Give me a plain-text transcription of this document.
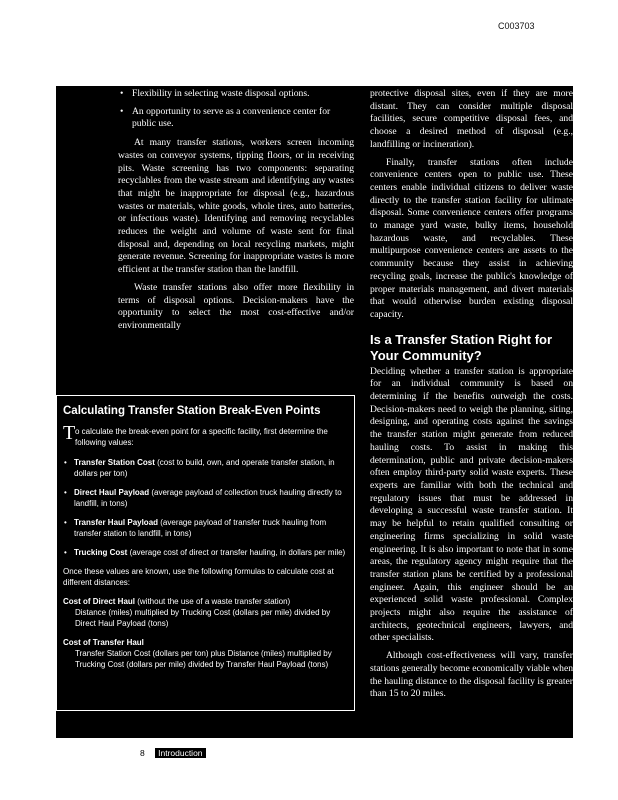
C003703
• Flexibility in selecting waste disposal options.
• An opportunity to serve as a convenience center for public use.

At many transfer stations, workers screen incoming wastes on conveyor systems, tipping floors, or in receiving pits. Waste screening has two components: separating recyclables from the waste stream and identifying any wastes that might be inappropriate for disposal (e.g., hazardous wastes or materials, white goods, whole tires, auto batteries, or infectious waste). Identifying and removing recyclables reduces the weight and volume of waste sent for final disposal and, depending on local recycling markets, might generate revenue. Screening for inappropriate wastes is more efficient at the transfer station than the landfill.

Waste transfer stations also offer more flexibility in terms of disposal options. Decision-makers have the opportunity to select the most cost-effective and/or environmentally

protective disposal sites, even if they are more distant. They can consider multiple disposal facilities, secure competitive disposal fees, and choose a desired method of disposal (e.g., landfilling or incineration).

Finally, transfer stations often include convenience centers open to public use. These centers enable individual citizens to deliver waste directly to the transfer station facility for ultimate disposal. Some convenience centers offer programs to manage yard waste, bulky items, household hazardous waste, and recyclables. These multipurpose convenience centers are assets to the community because they assist in achieving recycling goals, increase the public's knowledge of proper materials management, and divert materials that would otherwise burden existing disposal capacity.

Is a Transfer Station Right for Your Community?

Deciding whether a transfer station is appropriate for an individual community is based on determining if the benefits outweigh the costs. Decision-makers need to weigh the planning, siting, designing, and operating costs against the savings the transfer station might generate from reduced hauling costs. To assist in making this determination, public and private decision-makers often employ third-party solid waste experts. These experts are familiar with both the technical and regulatory issues that must be addressed in developing a successful waste transfer station. It may be helpful to retain qualified consulting or engineering firms specializing in solid waste engineering. It is also important to note that in some areas, the regulatory agency might require that the transfer station plans be certified by a professional engineer. Again, this engineer should be an experienced solid waste professional. Complex projects might also require the assistance of architects, geotechnical engineers, lawyers, and other specialists.

Although cost-effectiveness will vary, transfer stations generally become economically viable when the hauling distance to the disposal facility is greater than 15 to 20 miles.

Calculating Transfer Station Break-Even Points
T o calculate the break-even point for a specific facility, first determine the following values:
• Transfer Station Cost (cost to build, own, and operate transfer station, in dollars per ton)
• Direct Haul Payload (average payload of collection truck hauling directly to landfill, in tons)
• Transfer Haul Payload (average payload of transfer truck hauling from transfer station to landfill, in tons)
• Trucking Cost (average cost of direct or transfer hauling, in dollars per mile)
Once these values are known, use the following formulas to calculate cost at different distances:
Cost of Direct Haul (without the use of a waste transfer station)
Distance (miles) multiplied by Trucking Cost (dollars per mile) divided by Direct Haul Payload (tons)
Cost of Transfer Haul
Transfer Station Cost (dollars per ton) plus Distance (miles) multiplied by Trucking Cost (dollars per mile) divided by Transfer Haul Payload (tons)
8 Introduction
